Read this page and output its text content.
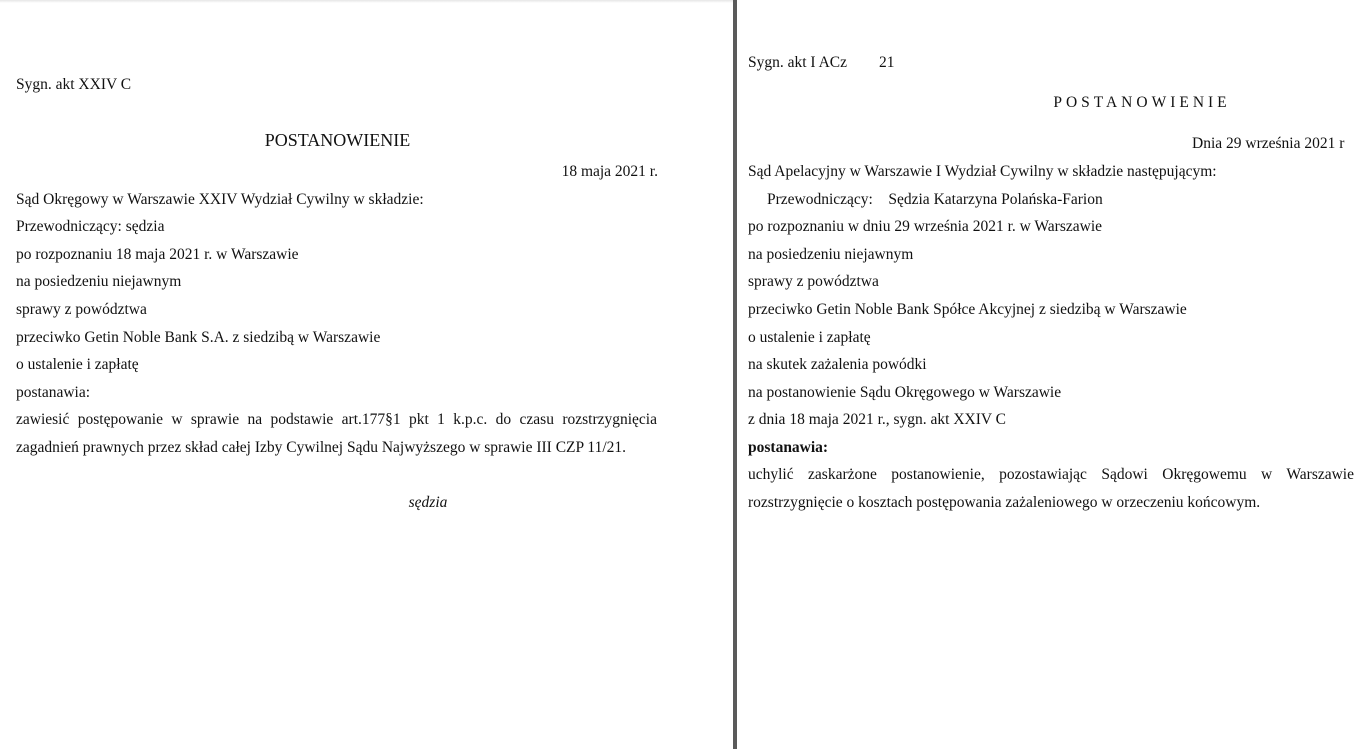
Sygn. akt XXIV C
POSTANOWIENIE
18 maja 2021 r.
Sąd Okręgowy w Warszawie XXIV Wydział Cywilny w składzie:
Przewodniczący: sędzia
po rozpoznaniu 18 maja 2021 r. w Warszawie
na posiedzeniu niejawnym
sprawy z powództwa
przeciwko Getin Noble Bank S.A. z siedzibą w Warszawie
o ustalenie i zapłatę
postanawia:
zawiesić postępowanie w sprawie na podstawie art.177§1 pkt 1 k.p.c. do czasu rozstrzygnięcia
zagadnień prawnych przez skład całej Izby Cywilnej Sądu Najwyższego w sprawie III CZP 11/21.
sędzia
Sygn. akt I ACz 21
POSTANOWIENIE
Dnia 29 września 2021 r
Sąd Apelacyjny w Warszawie I Wydział Cywilny w składzie następującym:
Przewodniczący: Sędzia Katarzyna Polańska-Farion
po rozpoznaniu w dniu 29 września 2021 r. w Warszawie
na posiedzeniu niejawnym
sprawy z powództwa
przeciwko Getin Noble Bank Spółce Akcyjnej z siedzibą w Warszawie
o ustalenie i zapłatę
na skutek zażalenia powódki
na postanowienie Sądu Okręgowego w Warszawie
z dnia 18 maja 2021 r., sygn. akt XXIV C
postanawia:
uchylić zaskarżone postanowienie, pozostawiając Sądowi Okręgowemu w Warszawie
rozstrzygnięcie o kosztach postępowania zażaleniowego w orzeczeniu końcowym.
